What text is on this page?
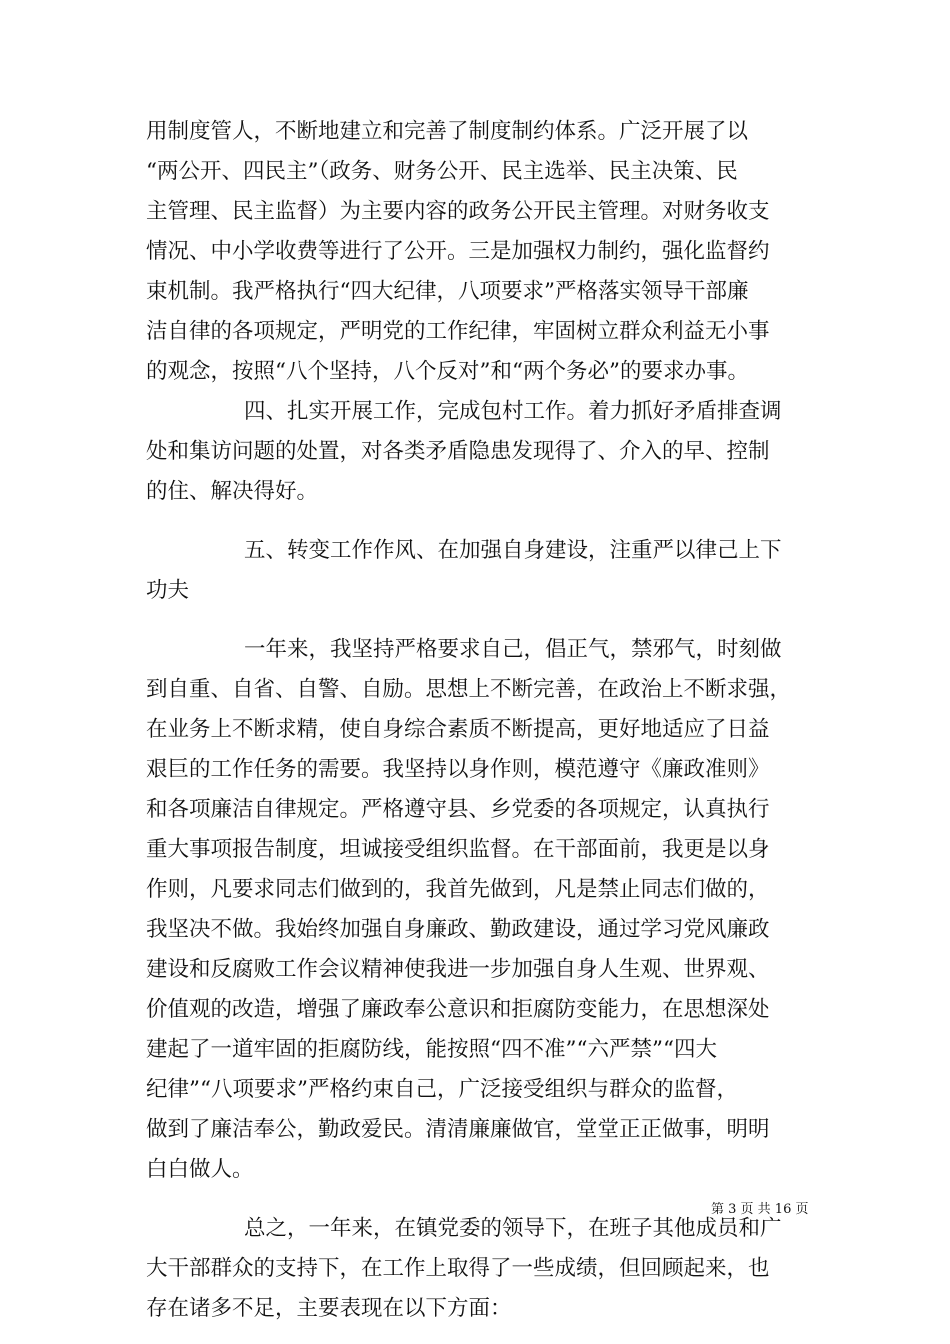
用制度管人，不断地建立和完善了制度制约体系。广泛开展了以
“两公开、四民主”（政务、财务公开、民主选举、民主决策、民
主管理、民主监督）为主要内容的政务公开民主管理。对财务收支
情况、中小学收费等进行了公开。三是加强权力制约，强化监督约
束机制。我严格执行“四大纪律，八项要求”严格落实领导干部廉
洁自律的各项规定，严明党的工作纪律，牢固树立群众利益无小事
的观念，按照“八个坚持，八个反对”和“两个务必”的要求办事。
四、扎实开展工作，完成包村工作。着力抓好矛盾排查调
处和集访问题的处置，对各类矛盾隐患发现得了、介入的早、控制
的住、解决得好。
五、转变工作作风、在加强自身建设，注重严以律己上下
功夫
一年来，我坚持严格要求自己，倡正气，禁邪气，时刻做
到自重、自省、自警、自励。思想上不断完善，在政治上不断求强，
在业务上不断求精，使自身综合素质不断提高，更好地适应了日益
艰巨的工作任务的需要。我坚持以身作则，模范遵守《廉政准则》
和各项廉洁自律规定。严格遵守县、乡党委的各项规定，认真执行
重大事项报告制度，坦诚接受组织监督。在干部面前，我更是以身
作则，凡要求同志们做到的，我首先做到，凡是禁止同志们做的，
我坚决不做。我始终加强自身廉政、勤政建设，通过学习党风廉政
建设和反腐败工作会议精神使我进一步加强自身人生观、世界观、
价值观的改造，增强了廉政奉公意识和拒腐防变能力，在思想深处
建起了一道牢固的拒腐防线，能按照“四不准”“六严禁”“四大
纪律”“八项要求”严格约束自己，广泛接受组织与群众的监督，
做到了廉洁奉公，勤政爱民。清清廉廉做官，堂堂正正做事，明明
白白做人。
总之，一年来，在镇党委的领导下，在班子其他成员和广
大干部群众的支持下，在工作上取得了一些成绩，但回顾起来，也
存在诸多不足，主要表现在以下方面：
第 3 页 共 16 页
